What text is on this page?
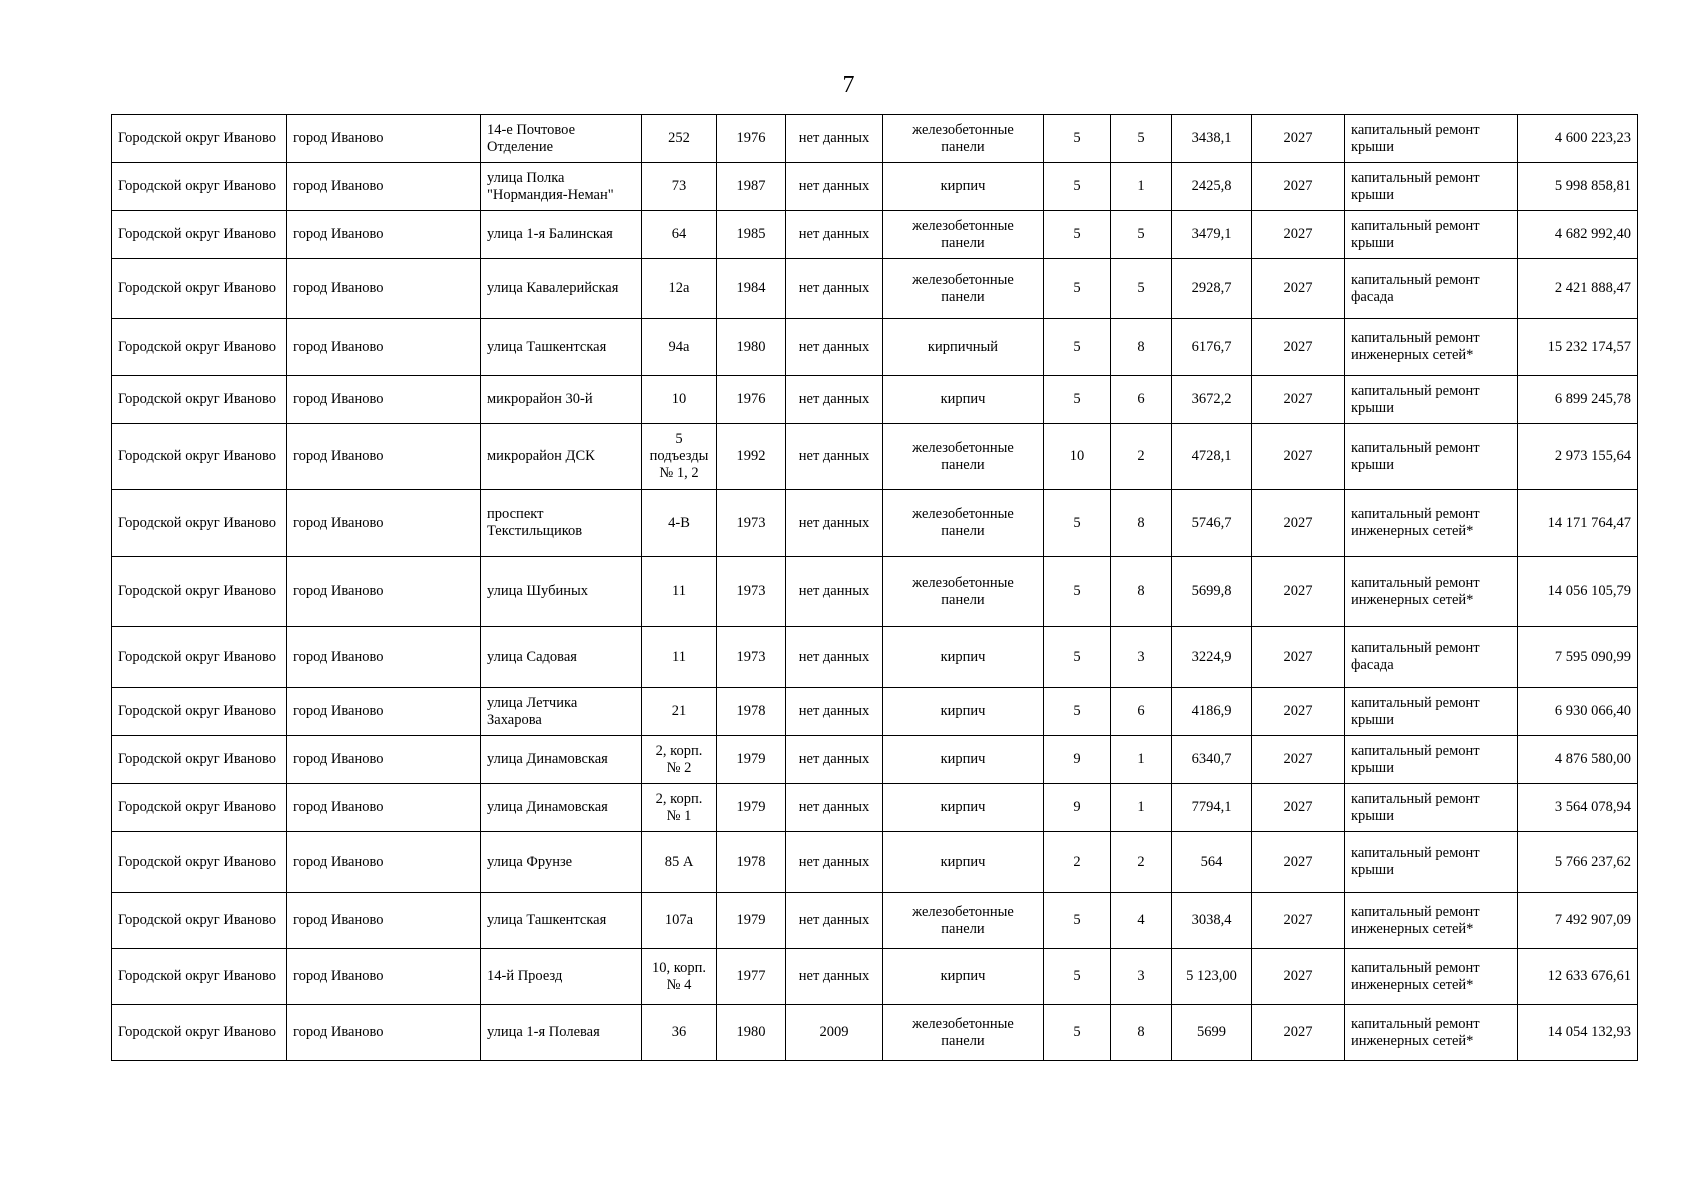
7
Городской округ Иваново	город Иваново	14-е Почтовое Отделение	252	1976	нет данных	железобетонные панели	5	5	3438,1	2027	капитальный ремонт крыши	4 600 223,23
Городской округ Иваново	город Иваново	улица Полка "Нормандия-Неман"	73	1987	нет данных	кирпич	5	1	2425,8	2027	капитальный ремонт крыши	5 998 858,81
Городской округ Иваново	город Иваново	улица 1-я Балинская	64	1985	нет данных	железобетонные панели	5	5	3479,1	2027	капитальный ремонт крыши	4 682 992,40
Городской округ Иваново	город Иваново	улица Кавалерийская	12а	1984	нет данных	железобетонные панели	5	5	2928,7	2027	капитальный ремонт фасада	2 421 888,47
Городской округ Иваново	город Иваново	улица Ташкентская	94а	1980	нет данных	кирпичный	5	8	6176,7	2027	капитальный ремонт инженерных сетей*	15 232 174,57
Городской округ Иваново	город Иваново	микрорайон 30-й	10	1976	нет данных	кирпич	5	6	3672,2	2027	капитальный ремонт крыши	6 899 245,78
Городской округ Иваново	город Иваново	микрорайон ДСК	5 подъезды № 1, 2	1992	нет данных	железобетонные панели	10	2	4728,1	2027	капитальный ремонт крыши	2 973 155,64
Городской округ Иваново	город Иваново	проспект Текстильщиков	4-В	1973	нет данных	железобетонные панели	5	8	5746,7	2027	капитальный ремонт инженерных сетей*	14 171 764,47
Городской округ Иваново	город Иваново	улица Шубиных	11	1973	нет данных	железобетонные панели	5	8	5699,8	2027	капитальный ремонт инженерных сетей*	14 056 105,79
Городской округ Иваново	город Иваново	улица Садовая	11	1973	нет данных	кирпич	5	3	3224,9	2027	капитальный ремонт фасада	7 595 090,99
Городской округ Иваново	город Иваново	улица Летчика Захарова	21	1978	нет данных	кирпич	5	6	4186,9	2027	капитальный ремонт крыши	6 930 066,40
Городской округ Иваново	город Иваново	улица Динамовская	2, корп. № 2	1979	нет данных	кирпич	9	1	6340,7	2027	капитальный ремонт крыши	4 876 580,00
Городской округ Иваново	город Иваново	улица Динамовская	2, корп. № 1	1979	нет данных	кирпич	9	1	7794,1	2027	капитальный ремонт крыши	3 564 078,94
Городской округ Иваново	город Иваново	улица Фрунзе	85 А	1978	нет данных	кирпич	2	2	564	2027	капитальный ремонт крыши	5 766 237,62
Городской округ Иваново	город Иваново	улица Ташкентская	107а	1979	нет данных	железобетонные панели	5	4	3038,4	2027	капитальный ремонт инженерных сетей*	7 492 907,09
Городской округ Иваново	город Иваново	14-й Проезд	10, корп. № 4	1977	нет данных	кирпич	5	3	5 123,00	2027	капитальный ремонт инженерных сетей*	12 633 676,61
Городской округ Иваново	город Иваново	улица 1-я Полевая	36	1980	2009	железобетонные панели	5	8	5699	2027	капитальный ремонт инженерных сетей*	14 054 132,93
